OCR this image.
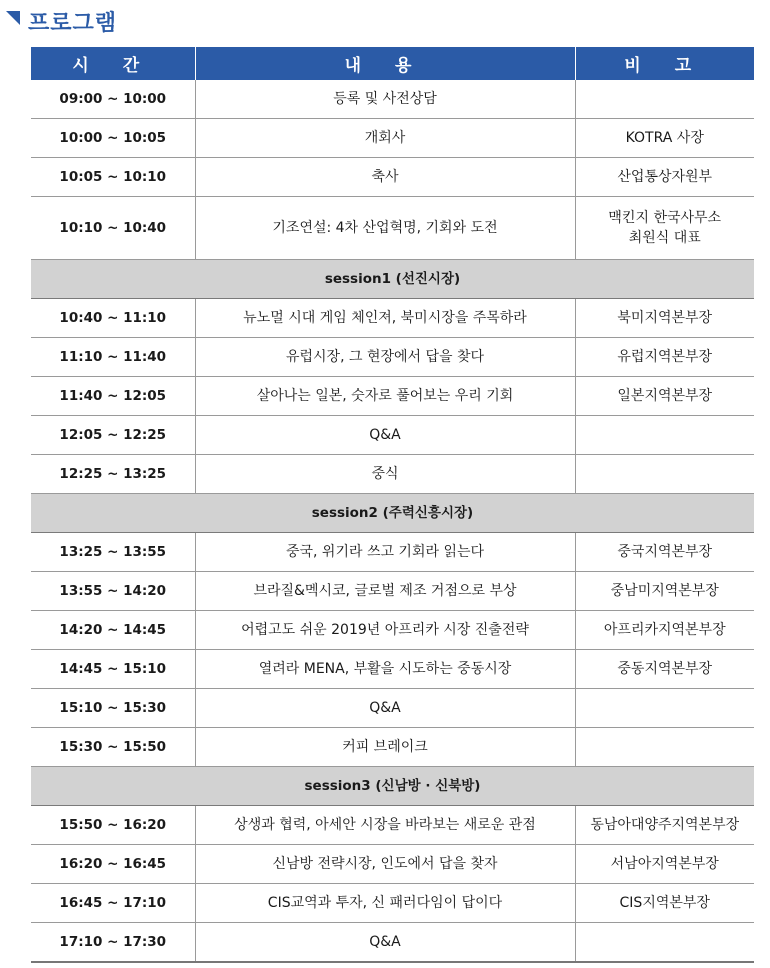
프로그램
시 간	내 용	비 고
09:00 ~ 10:00	등록 및 사전상담	
10:00 ~ 10:05	개회사	KOTRA 사장
10:05 ~ 10:10	축사	산업통상자원부
10:10 ~ 10:40	기조연설: 4차 산업혁명, 기회와 도전	맥킨지 한국사무소
최원식 대표
session1 (선진시장)		
10:40 ~ 11:10	뉴노멀 시대 게임 체인져, 북미시장을 주목하라	북미지역본부장
11:10 ~ 11:40	유럽시장, 그 현장에서 답을 찾다	유럽지역본부장
11:40 ~ 12:05	살아나는 일본, 숫자로 풀어보는 우리 기회	일본지역본부장
12:05 ~ 12:25	Q&A	
12:25 ~ 13:25	중식	
session2 (주력신흥시장)		
13:25 ~ 13:55	중국, 위기라 쓰고 기회라 읽는다	중국지역본부장
13:55 ~ 14:20	브라질&멕시코, 글로벌 제조 거점으로 부상	중남미지역본부장
14:20 ~ 14:45	어렵고도 쉬운 2019년 아프리카 시장 진출전략	아프리카지역본부장
14:45 ~ 15:10	열려라 MENA, 부활을 시도하는 중동시장	중동지역본부장
15:10 ~ 15:30	Q&A	
15:30 ~ 15:50	커피 브레이크	
session3 (신남방 · 신북방)		
15:50 ~ 16:20	상생과 협력, 아세안 시장을 바라보는 새로운 관점	동남아대양주지역본부장
16:20 ~ 16:45	신남방 전략시장, 인도에서 답을 찾자	서남아지역본부장
16:45 ~ 17:10	CIS교역과 투자, 신 패러다임이 답이다	CIS지역본부장
17:10 ~ 17:30	Q&A	
